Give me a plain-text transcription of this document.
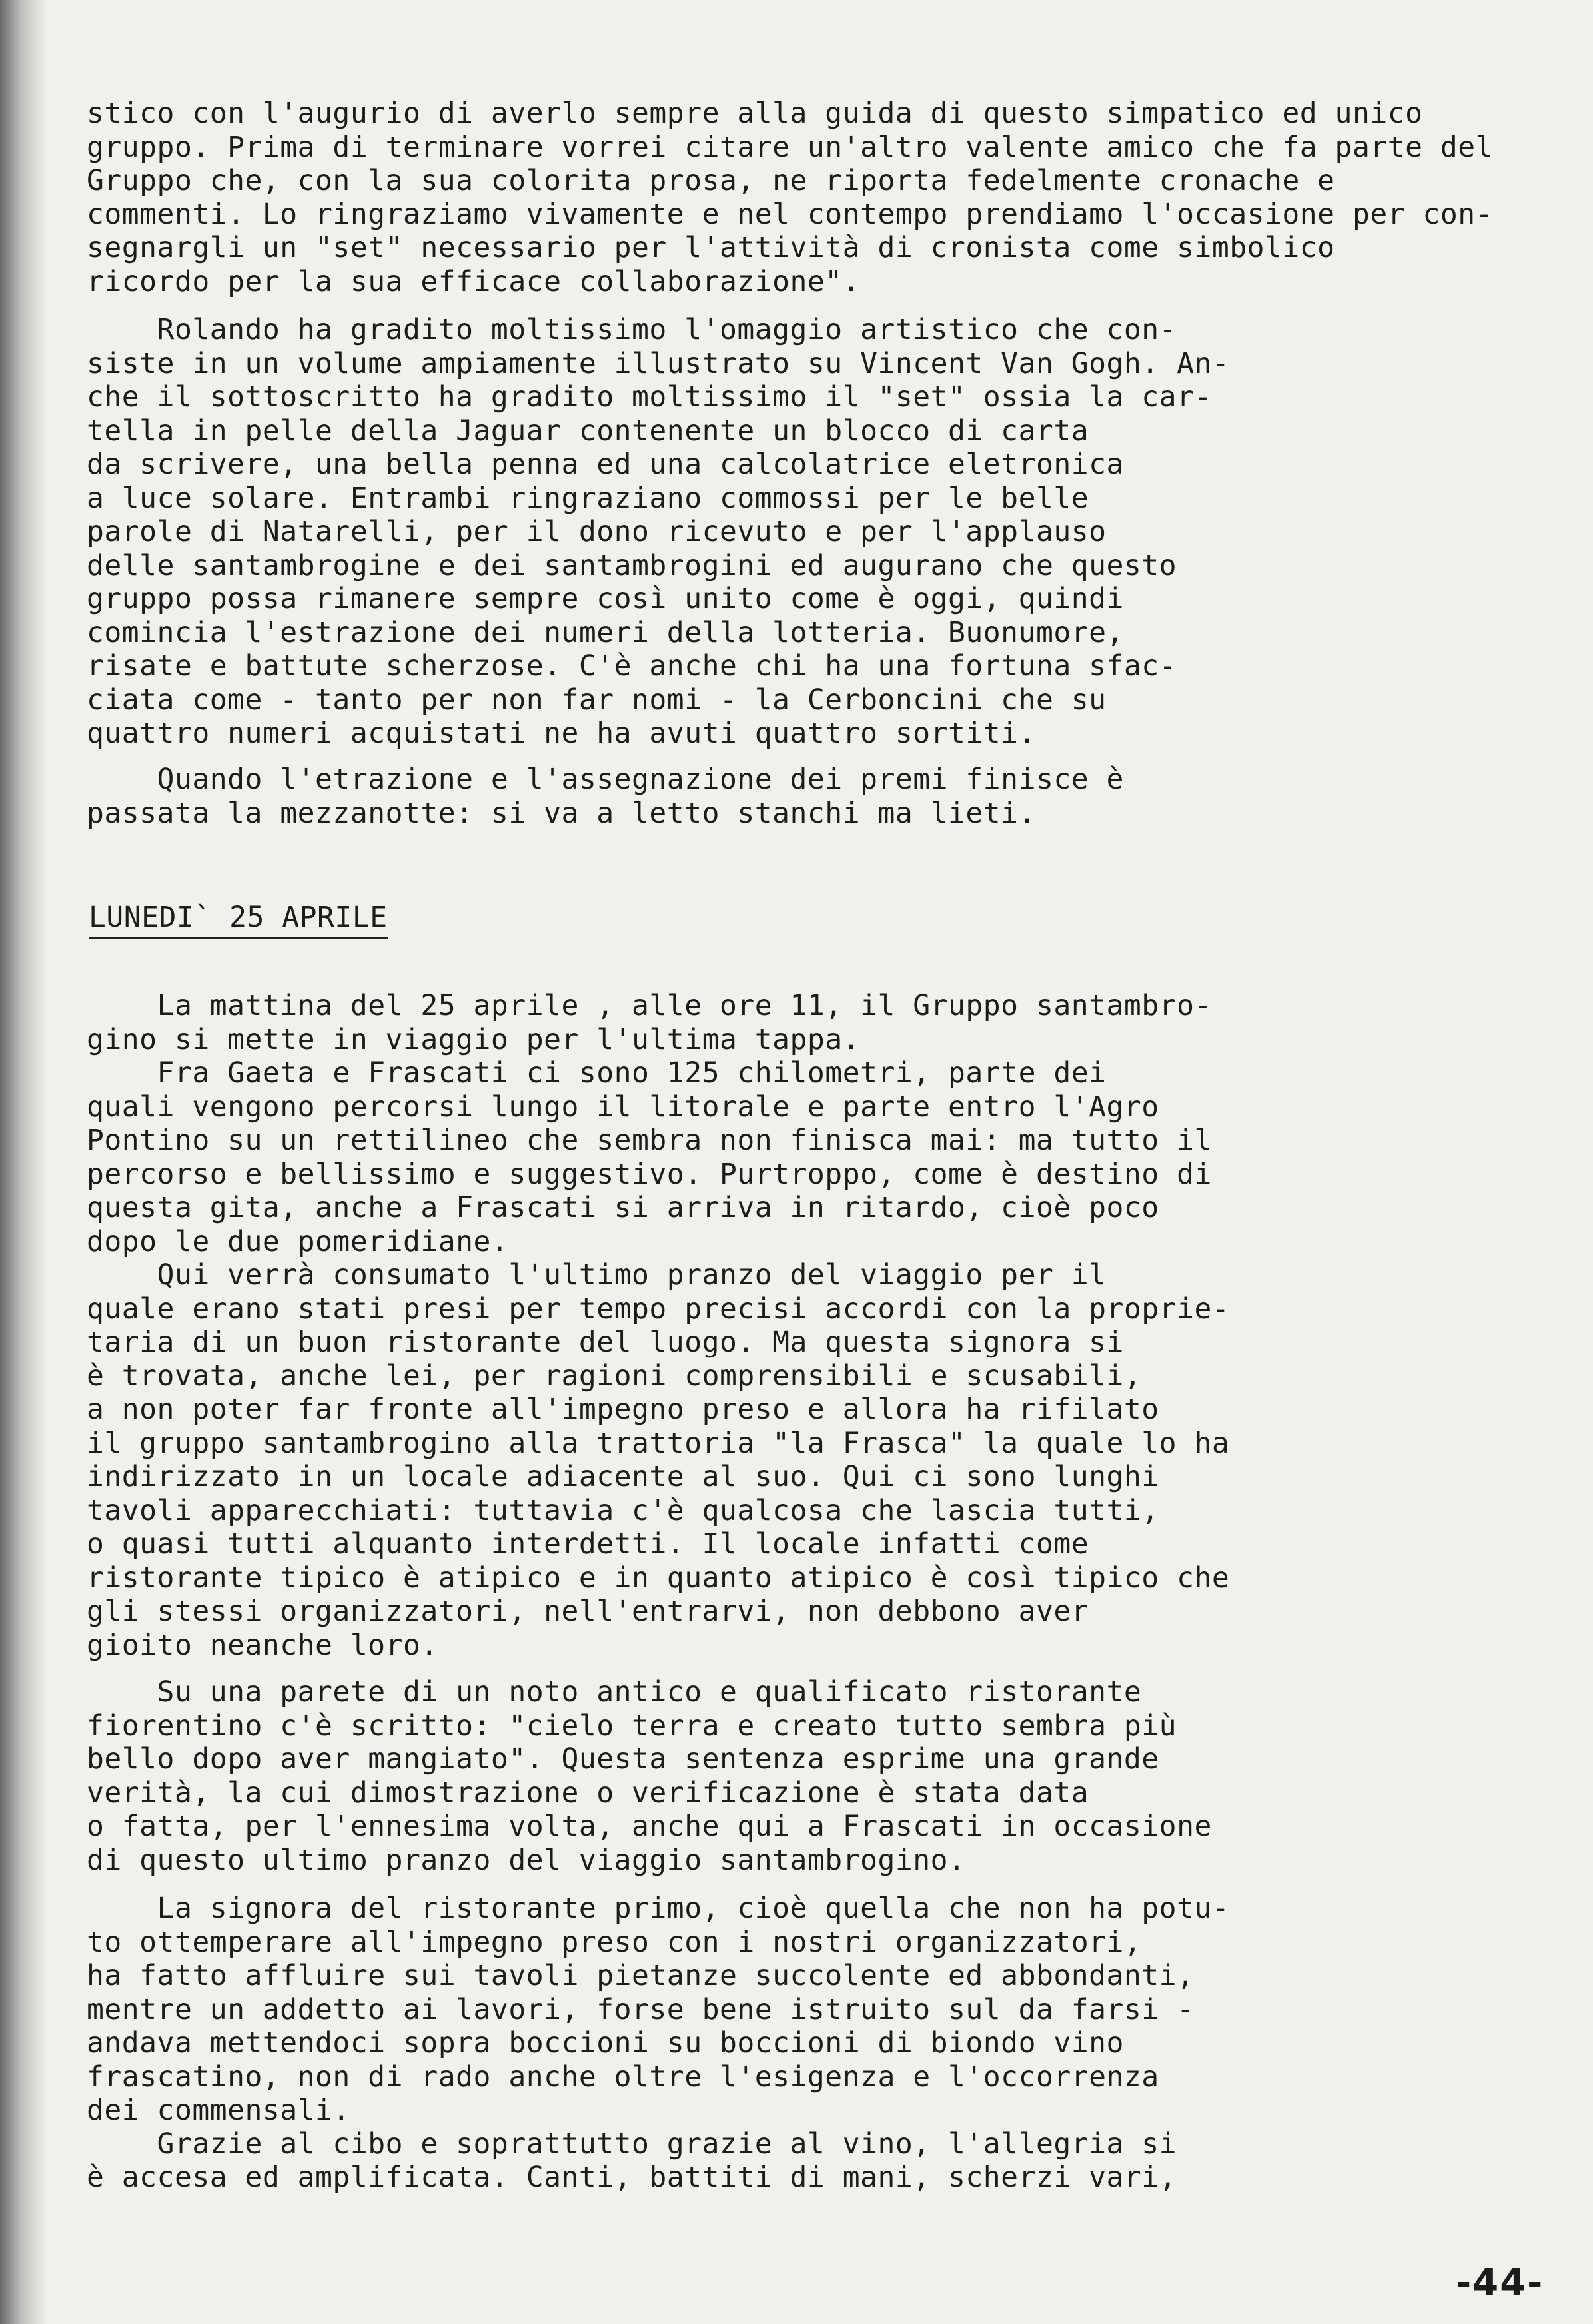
stico con l'augurio di averlo sempre alla guida di questo simpatico ed unico
gruppo. Prima di terminare vorrei citare un'altro valente amico che fa parte del
Gruppo che, con la sua colorita prosa, ne riporta fedelmente cronache e
commenti. Lo ringraziamo vivamente e nel contempo prendiamo l'occasione per con-
segnargli un "set" necessario per l'attività di cronista come simbolico
ricordo per la sua efficace collaborazione".
Rolando ha gradito moltissimo l'omaggio artistico che con-
siste in un volume ampiamente illustrato su Vincent Van Gogh. An-
che il sottoscritto ha gradito moltissimo il "set" ossia la car-
tella in pelle della Jaguar contenente un blocco di carta
da scrivere, una bella penna ed una calcolatrice eletronica
a luce solare. Entrambi ringraziano commossi per le belle
parole di Natarelli, per il dono ricevuto e per l'applauso
delle santambrogine e dei santambrogini ed augurano che questo
gruppo possa rimanere sempre così unito come è oggi, quindi
comincia l'estrazione dei numeri della lotteria. Buonumore,
risate e battute scherzose. C'è anche chi ha una fortuna sfac-
ciata come - tanto per non far nomi - la Cerboncini che su
quattro numeri acquistati ne ha avuti quattro sortiti.
Quando l'etrazione e l'assegnazione dei premi finisce è
passata la mezzanotte: si va a letto stanchi ma lieti.
LUNEDI` 25 APRILE
La mattina del 25 aprile , alle ore 11, il Gruppo santambro-
gino si mette in viaggio per l'ultima tappa.
Fra Gaeta e Frascati ci sono 125 chilometri, parte dei
quali vengono percorsi lungo il litorale e parte entro l'Agro
Pontino su un rettilineo che sembra non finisca mai: ma tutto il
percorso e bellissimo e suggestivo. Purtroppo, come è destino di
questa gita, anche a Frascati si arriva in ritardo, cioè poco
dopo le due pomeridiane.
Qui verrà consumato l'ultimo pranzo del viaggio per il
quale erano stati presi per tempo precisi accordi con la proprie-
taria di un buon ristorante del luogo. Ma questa signora si
è trovata, anche lei, per ragioni comprensibili e scusabili,
a non poter far fronte all'impegno preso e allora ha rifilato
il gruppo santambrogino alla trattoria "la Frasca" la quale lo ha
indirizzato in un locale adiacente al suo. Qui ci sono lunghi
tavoli apparecchiati: tuttavia c'è qualcosa che lascia tutti,
o quasi tutti alquanto interdetti. Il locale infatti come
ristorante tipico è atipico e in quanto atipico è così tipico che
gli stessi organizzatori, nell'entrarvi, non debbono aver
gioito neanche loro.
Su una parete di un noto antico e qualificato ristorante
fiorentino c'è scritto: "cielo terra e creato tutto sembra più
bello dopo aver mangiato". Questa sentenza esprime una grande
verità, la cui dimostrazione o verificazione è stata data
o fatta, per l'ennesima volta, anche qui a Frascati in occasione
di questo ultimo pranzo del viaggio santambrogino.
La signora del ristorante primo, cioè quella che non ha potu-
to ottemperare all'impegno preso con i nostri organizzatori,
ha fatto affluire sui tavoli pietanze succolente ed abbondanti,
mentre un addetto ai lavori, forse bene istruito sul da farsi -
andava mettendoci sopra boccioni su boccioni di biondo vino
frascatino, non di rado anche oltre l'esigenza e l'occorrenza
dei commensali.
Grazie al cibo e soprattutto grazie al vino, l'allegria si
è accesa ed amplificata. Canti, battiti di mani, scherzi vari,
-44-
